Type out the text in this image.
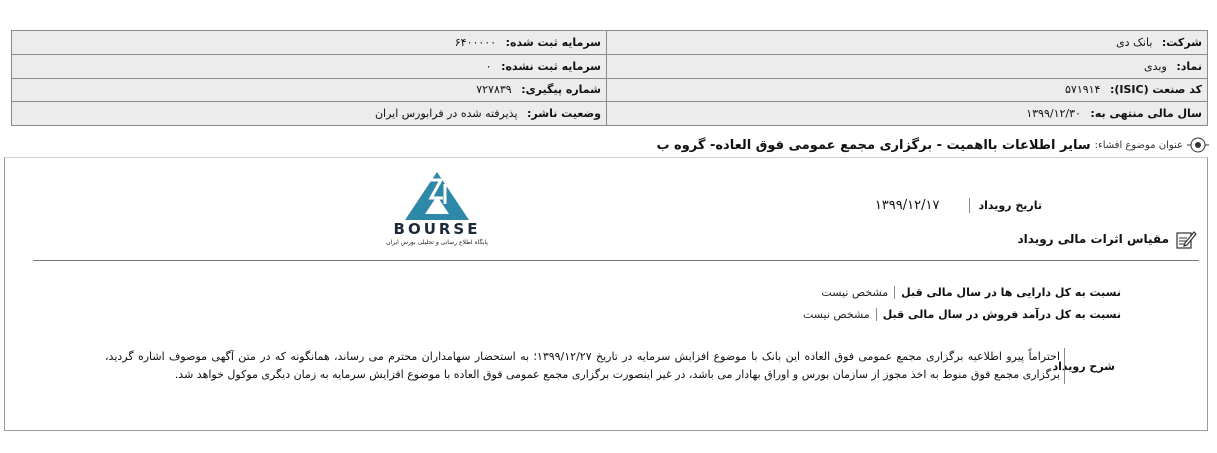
شرکت: بانک دی	سرمایه ثبت شده: ۶۴۰۰۰۰۰
نماد: وبدی	سرمایه ثبت نشده: ۰
کد صنعت (ISIC): ۵۷۱۹۱۴	شماره پیگیری: ۷۲۷۸۳۹
سال مالی منتهی به: ۱۳۹۹/۱۲/۳۰	وضعیت ناشر: پذیرفته شده در فرابورس ایران
عنوان موضوع افشاء:
سایر اطلاعات بااهمیت - برگزاری مجمع عمومی فوق العاده- گروه ب
BOURSE
پایگاه اطلاع رسانی و تحلیلی بورس ایران
تاریخ رویداد
۱۳۹۹/۱۲/۱۷
مقیاس اثرات مالی رویداد
نسبت به کل دارایی ها در سال مالی قبل
مشخص نیست
نسبت به کل درآمد فروش در سال مالی قبل
مشخص نیست
شرح رویداد
احتراماً پیرو اطلاعیه برگزاری مجمع عمومی فوق العاده این بانک با موضوع افزایش سرمایه در تاریخ ۱۳۹۹/۱۲/۲۷؛ به استحضار سهامداران محترم می رساند، همانگونه که در متن آگهی موصوف اشاره گردید، برگزاری مجمع فوق منوط به اخذ مجوز از سازمان بورس و اوراق بهادار می باشد، در غیر اینصورت برگزاری مجمع عمومی فوق العاده با موضوع افزایش سرمایه به زمان دیگری موکول خواهد شد.
